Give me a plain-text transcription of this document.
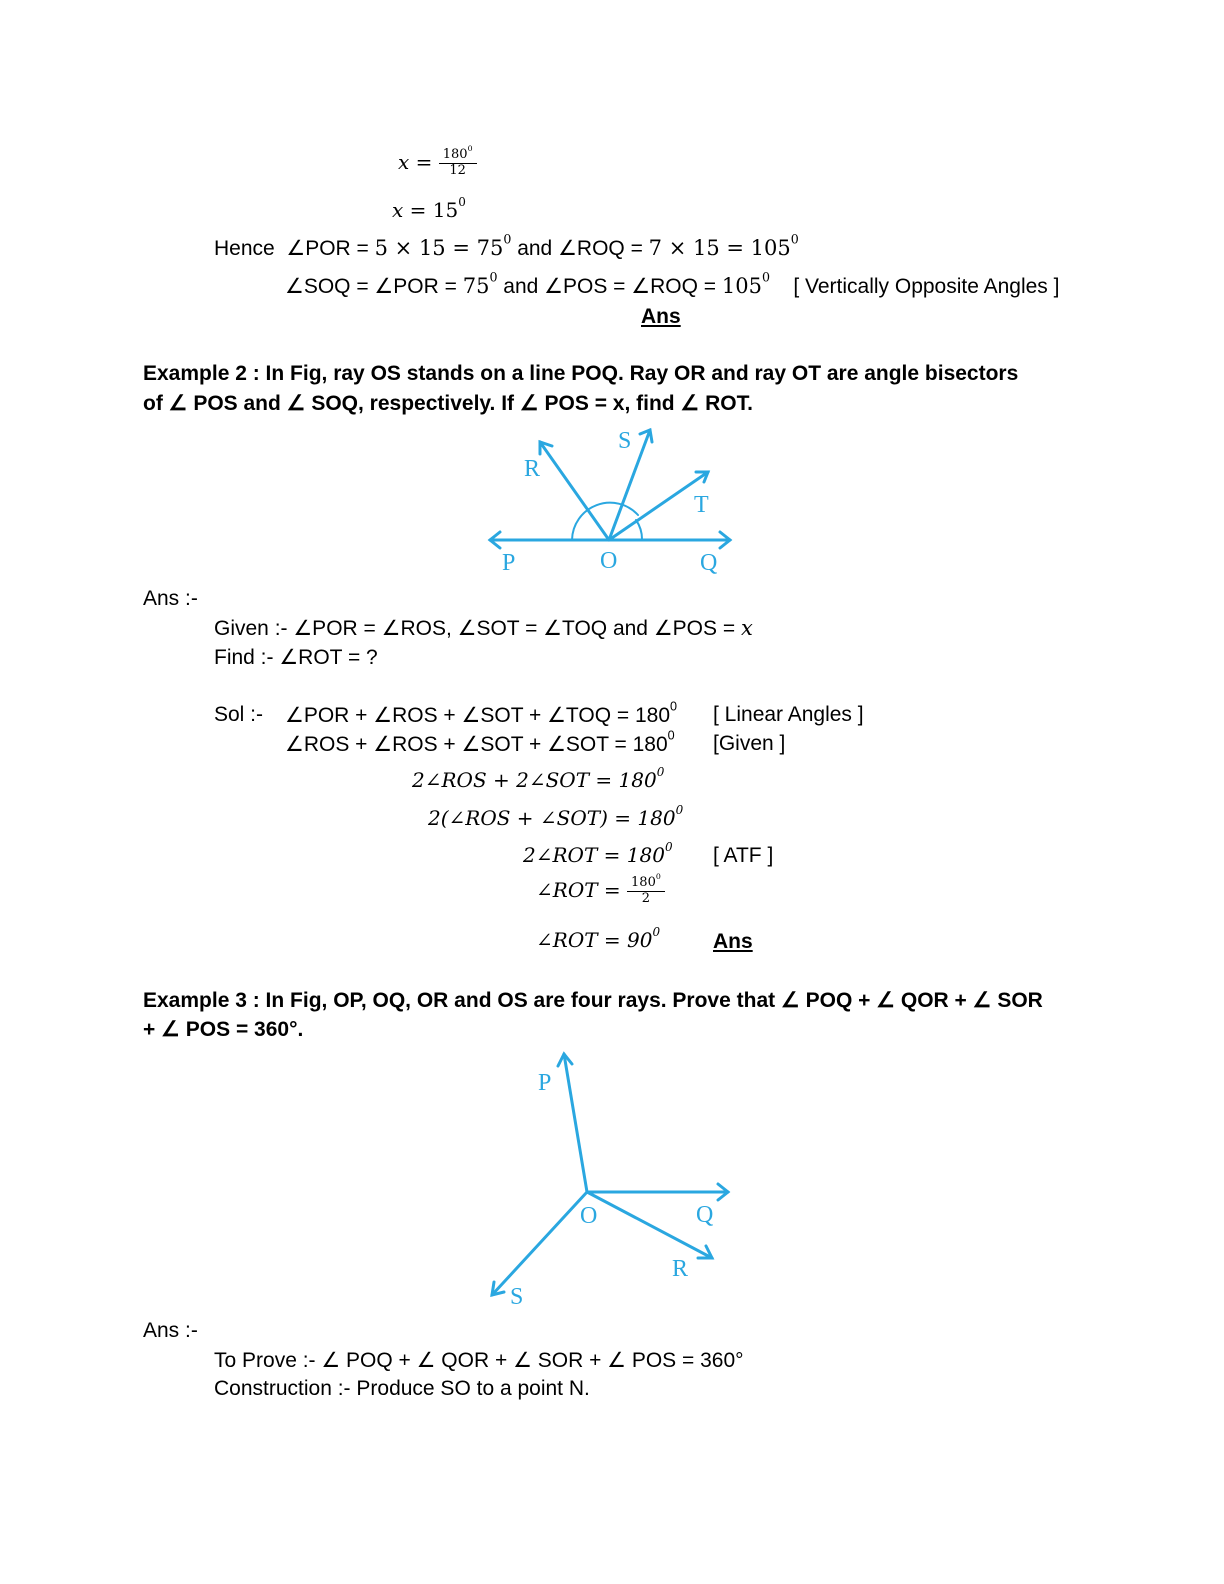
$x = \frac{180^0}{12}$
$x = 15^0$
Hence ∠POR = $5 \times 15 = 75^0$ and ∠ROQ = $7 \times 15 = 105^0$
∠SOQ = ∠POR = $75^0$ and ∠POS = ∠ROQ = $105^0$ [ Vertically Opposite Angles ]
Ans
Example 2 : In Fig, ray OS stands on a line POQ. Ray OR and ray OT are angle bisectors
of ∠ POS and ∠ SOQ, respectively. If ∠ POS = x, find ∠ ROT.
R
S
T
P	O	Q
Ans :-
Given :- ∠POR = ∠ROS, ∠SOT = ∠TOQ and ∠POS = x
Find :- ∠ROT = ?
Sol :- ∠POR + ∠ROS + ∠SOT + ∠TOQ = $180^0$ [ Linear Angles ]
∠ROS + ∠ROS + ∠SOT + ∠SOT = $180^0$ [Given ]
2∠ROS + 2∠SOT = $180^0$
2(∠ROS + ∠SOT) = $180^0$
2∠ROT = $180^0$ [ ATF ]
∠ROT = $\frac{180^0}{2}$
∠ROT = $90^0$	Ans
Example 3 : In Fig, OP, OQ, OR and OS are four rays. Prove that ∠ POQ + ∠ QOR + ∠ SOR
+ ∠ POS = 360°.
P
O	Q
R
S
Ans :-
To Prove :- ∠ POQ + ∠ QOR + ∠ SOR + ∠ POS = 360°
Construction :- Produce SO to a point N.
